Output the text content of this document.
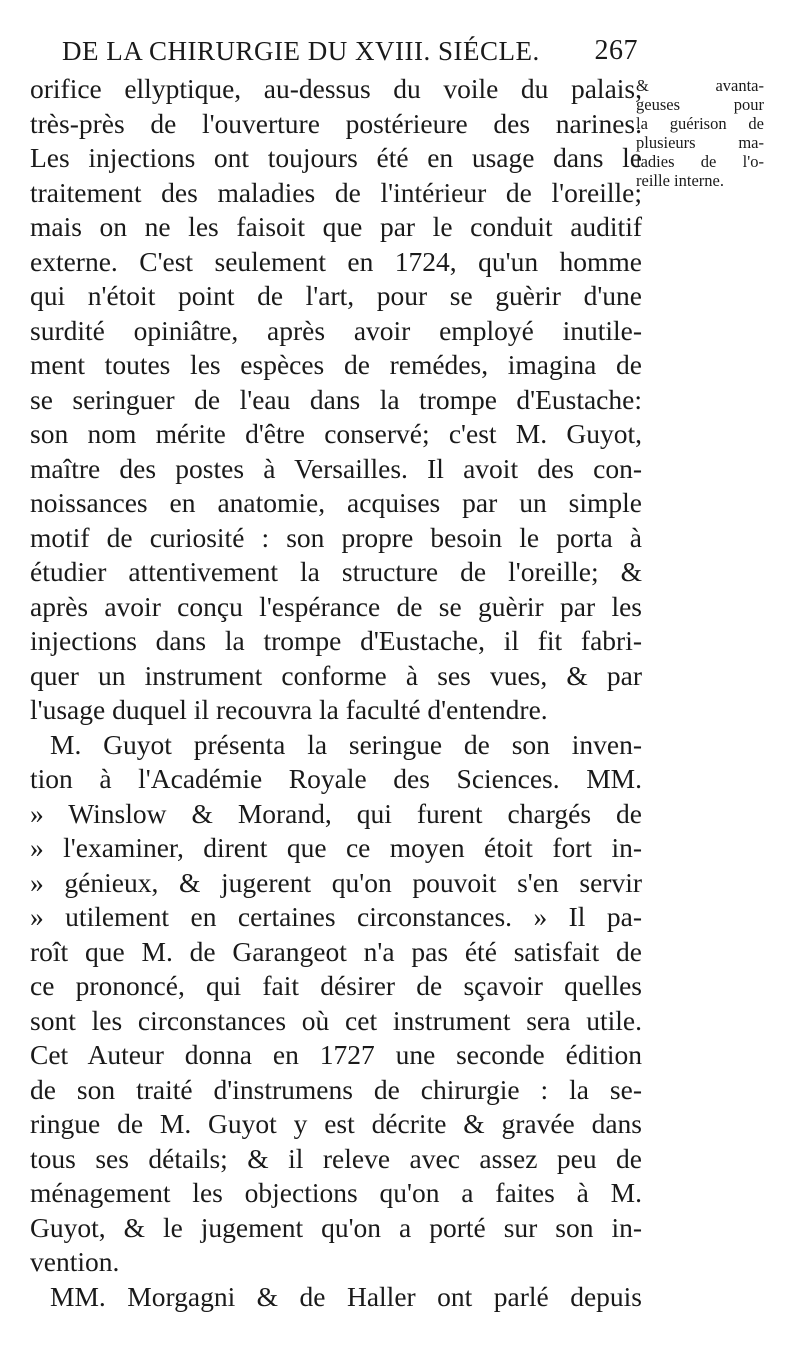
DE LA CHIRURGIE DU XVIII. SIÉCLE. 267
& avanta-
geuses pour
la guérison de
plusieurs ma-
ladies de l'o-
reille interne.
orifice ellyptique, au-dessus du voile du palais,
très-près de l'ouverture postérieure des narines.
Les injections ont toujours été en usage dans le
traitement des maladies de l'intérieur de l'oreille;
mais on ne les faisoit que par le conduit auditif
externe. C'est seulement en 1724, qu'un homme
qui n'étoit point de l'art, pour se guèrir d'une
surdité opiniâtre, après avoir employé inutile-
ment toutes les espèces de remédes, imagina de
se seringuer de l'eau dans la trompe d'Eustache:
son nom mérite d'être conservé; c'est M. Guyot,
maître des postes à Versailles. Il avoit des con-
noissances en anatomie, acquises par un simple
motif de curiosité : son propre besoin le porta à
étudier attentivement la structure de l'oreille; &
après avoir conçu l'espérance de se guèrir par les
injections dans la trompe d'Eustache, il fit fabri-
quer un instrument conforme à ses vues, & par
l'usage duquel il recouvra la faculté d'entendre.
M. Guyot présenta la seringue de son inven-
tion à l'Académie Royale des Sciences. MM.
» Winslow & Morand, qui furent chargés de
» l'examiner, dirent que ce moyen étoit fort in-
» génieux, & jugerent qu'on pouvoit s'en servir
» utilement en certaines circonstances. » Il pa-
roît que M. de Garangeot n'a pas été satisfait de
ce prononcé, qui fait désirer de sçavoir quelles
sont les circonstances où cet instrument sera utile.
Cet Auteur donna en 1727 une seconde édition
de son traité d'instrumens de chirurgie : la se-
ringue de M. Guyot y est décrite & gravée dans
tous ses détails; & il releve avec assez peu de
ménagement les objections qu'on a faites à M.
Guyot, & le jugement qu'on a porté sur son in-
vention.
MM. Morgagni & de Haller ont parlé depuis
